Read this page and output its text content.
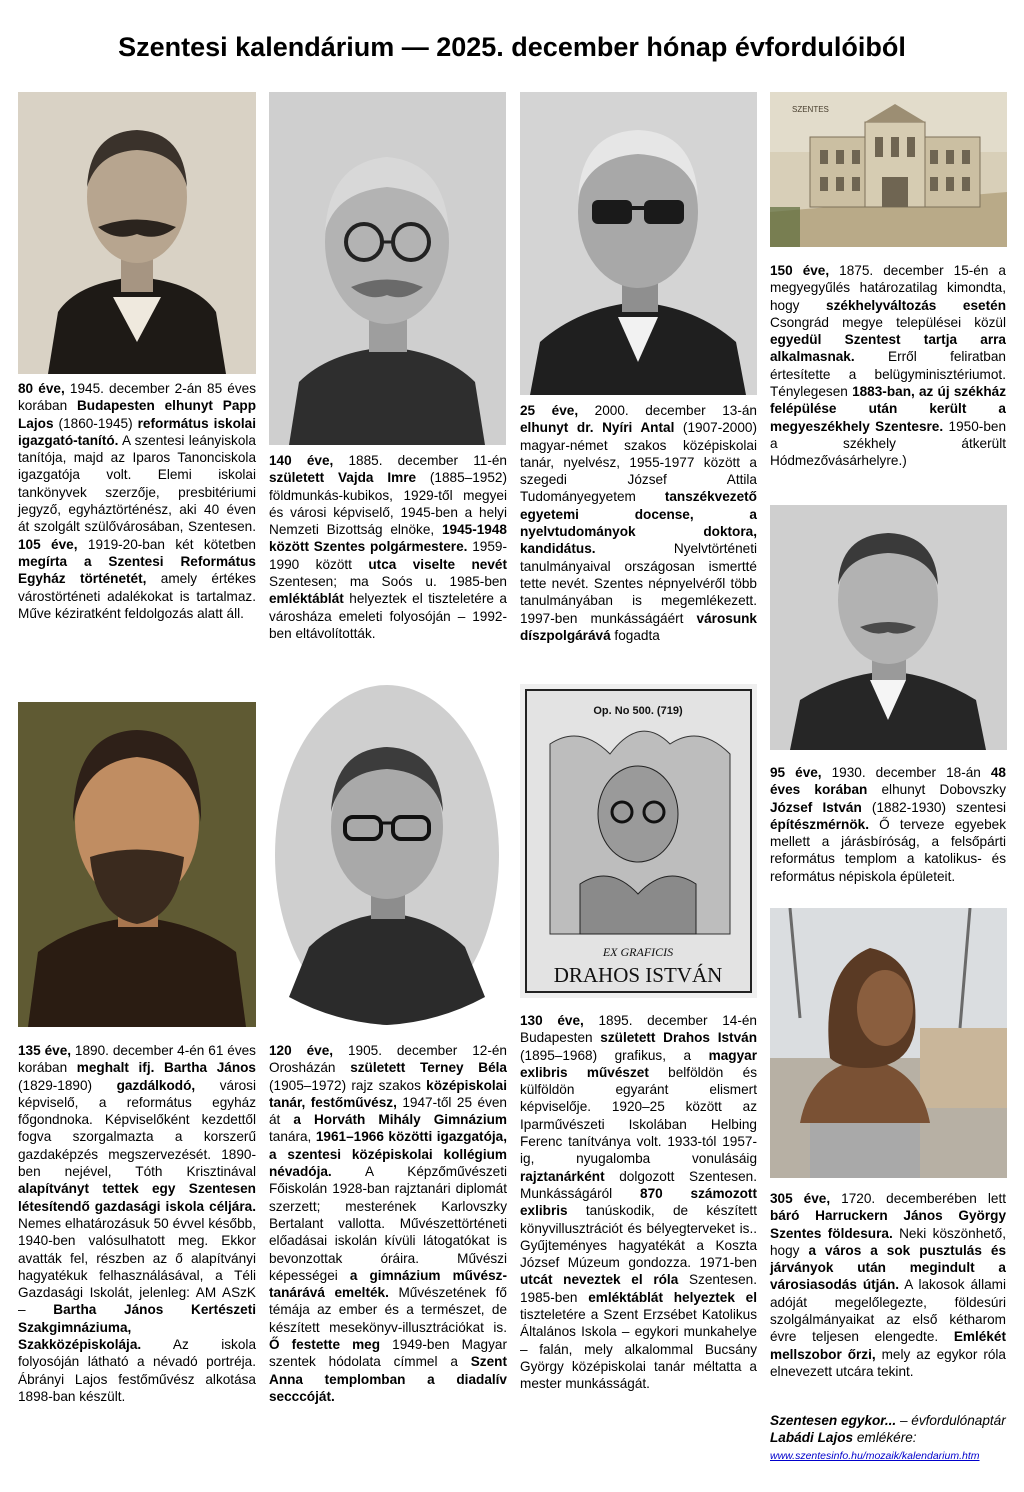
Szentesi kalendárium — 2025. december hónap évfordulóiból
SZENTES
Op. No 500. (719)
EX GRAFICIS
DRAHOS ISTVÁN

80 éve, 1945. december 2-án 85 éves korában Budapesten elhunyt Papp Lajos (1860-1945) református iskolai igazgató-tanító. A szentesi leányiskola tanítója, majd az Iparos Tanonciskola igazgatója volt. Elemi iskolai tankönyvek szerzője, presbitériumi jegyző, egyháztörténész, aki 40 éven át szolgált szülővárosában, Szentesen. 105 éve, 1919-20-ban két kötetben megírta a Szentesi Református Egyház történetét, amely értékes várostörténeti adalékokat is tartalmaz. Műve kéziratként feldolgozás alatt áll.

140 éve, 1885. december 11-én született Vajda Imre (1885–1952) földmunkás-kubikos, 1929-től megyei és városi képviselő, 1945-ben a helyi Nemzeti Bizottság elnöke, 1945-1948 között Szentes polgármestere. 1959-1990 között utca viselte nevét Szentesen; ma Soós u. 1985-ben emléktáblát helyeztek el tiszteletére a városháza emeleti folyosóján – 1992-ben eltávolították.

25 éve, 2000. december 13-án elhunyt dr. Nyíri Antal (1907-2000) magyar-német szakos középiskolai tanár, nyelvész, 1955-1977 között a szegedi József Attila Tudományegyetem tanszékvezető egyetemi docense, a nyelvtudományok doktora, kandidátus. Nyelvtörténeti tanulmányaival országosan ismertté tette nevét. Szentes népnyelvéről több tanulmányában is megemlékezett. 1997-ben munkásságáért városunk díszpolgárává fogadta

150 éve, 1875. december 15-én a megyegyűlés határozatilag kimondta, hogy székhelyváltozás esetén Csongrád megye települései közül egyedül Szentest tartja arra alkalmasnak. Erről feliratban értesítette a belügyminisztériumot. Ténylegesen 1883-ban, az új székház felépülése után került a megyeszékhely Szentesre. 1950-ben a székhely átkerült Hódmezővásárhelyre.)

135 éve, 1890. december 4-én 61 éves korában meghalt ifj. Bartha János (1829-1890) gazdálkodó, városi képviselő, a református egyház főgondnoka. Képviselőként kezdettől fogva szorgalmazta a korszerű gazdaképzés megszervezését. 1890-ben nejével, Tóth Krisztinával alapítványt tettek egy Szentesen létesítendő gazdasági iskola céljára. Nemes elhatározásuk 50 évvel később, 1940-ben valósulhatott meg. Ekkor avatták fel, részben az ő alapítványi hagyatékuk felhasználásával, a Téli Gazdasági Iskolát, jelenleg: AM ASzK – Bartha János Kertészeti Szakgimnáziuma, Szakközépiskolája. Az iskola folyosóján látható a névadó portréja. Ábrányi Lajos festőművész alkotása 1898-ban készült.

120 éve, 1905. december 12-én Orosházán született Terney Béla (1905–1972) rajz szakos középiskolai tanár, festőművész, 1947-től 25 éven át a Horváth Mihály Gimnázium tanára, 1961–1966 közötti igazgatója, a szentesi középiskolai kollégium névadója. A Képzőművészeti Főiskolán 1928-ban rajztanári diplomát szerzett; mesterének Karlovszky Bertalant vallotta. Művészettörténeti előadásai iskolán kívüli látogatókat is bevonzottak óráira. Művészi képességei a gimnázium művész-tanárává emelték. Művészetének fő témája az ember és a természet, de készített mesekönyv-illusztrációkat is. Ő festette meg 1949-ben Magyar szentek hódolata címmel a Szent Anna templomban a diadalív secccóját.

130 éve, 1895. december 14-én Budapesten született Drahos István (1895–1968) grafikus, a magyar exlibris művészet belföldön és külföldön egyaránt elismert képviselője. 1920–25 között az Iparművészeti Iskolában Helbing Ferenc tanítványa volt. 1933-tól 1957-ig, nyugalomba vonulásáig rajztanárként dolgozott Szentesen. Munkásságáról 870 számozott exlibris tanúskodik, de készített könyvillusztrációt és bélyegterveket is.. Gyűjteményes hagyatékát a Koszta József Múzeum gondozza. 1971-ben utcát neveztek el róla Szentesen. 1985-ben emléktáblát helyeztek el tiszteletére a Szent Erzsébet Katolikus Általános Iskola – egykori munkahelye – falán, mely alkalommal Bucsány György középiskolai tanár méltatta a mester munkásságát.

95 éve, 1930. december 18-án 48 éves korában elhunyt Dobovszky József István (1882-1930) szentesi építészmérnök. Ő terveze egyebek mellett a járásbíróság, a felsőpárti református templom a katolikus- és református népiskola épületeit.

305 éve, 1720. decemberében lett báró Harruckern János György Szentes földesura. Neki köszönhető, hogy a város a sok pusztulás és járványok után megindult a városiasodás útján. A lakosok állami adóját megelőlegezte, földesúri szolgálmányaikat az első kétharom évre teljesen elengedte. Emlékét mellszobor őrzi, mely az egykor róla elnevezett utcára tekint.

Szentesen egykor... – évfordulónaptár Labádi Lajos emlékére:
www.szentesinfo.hu/mozaik/kalendarium.htm
